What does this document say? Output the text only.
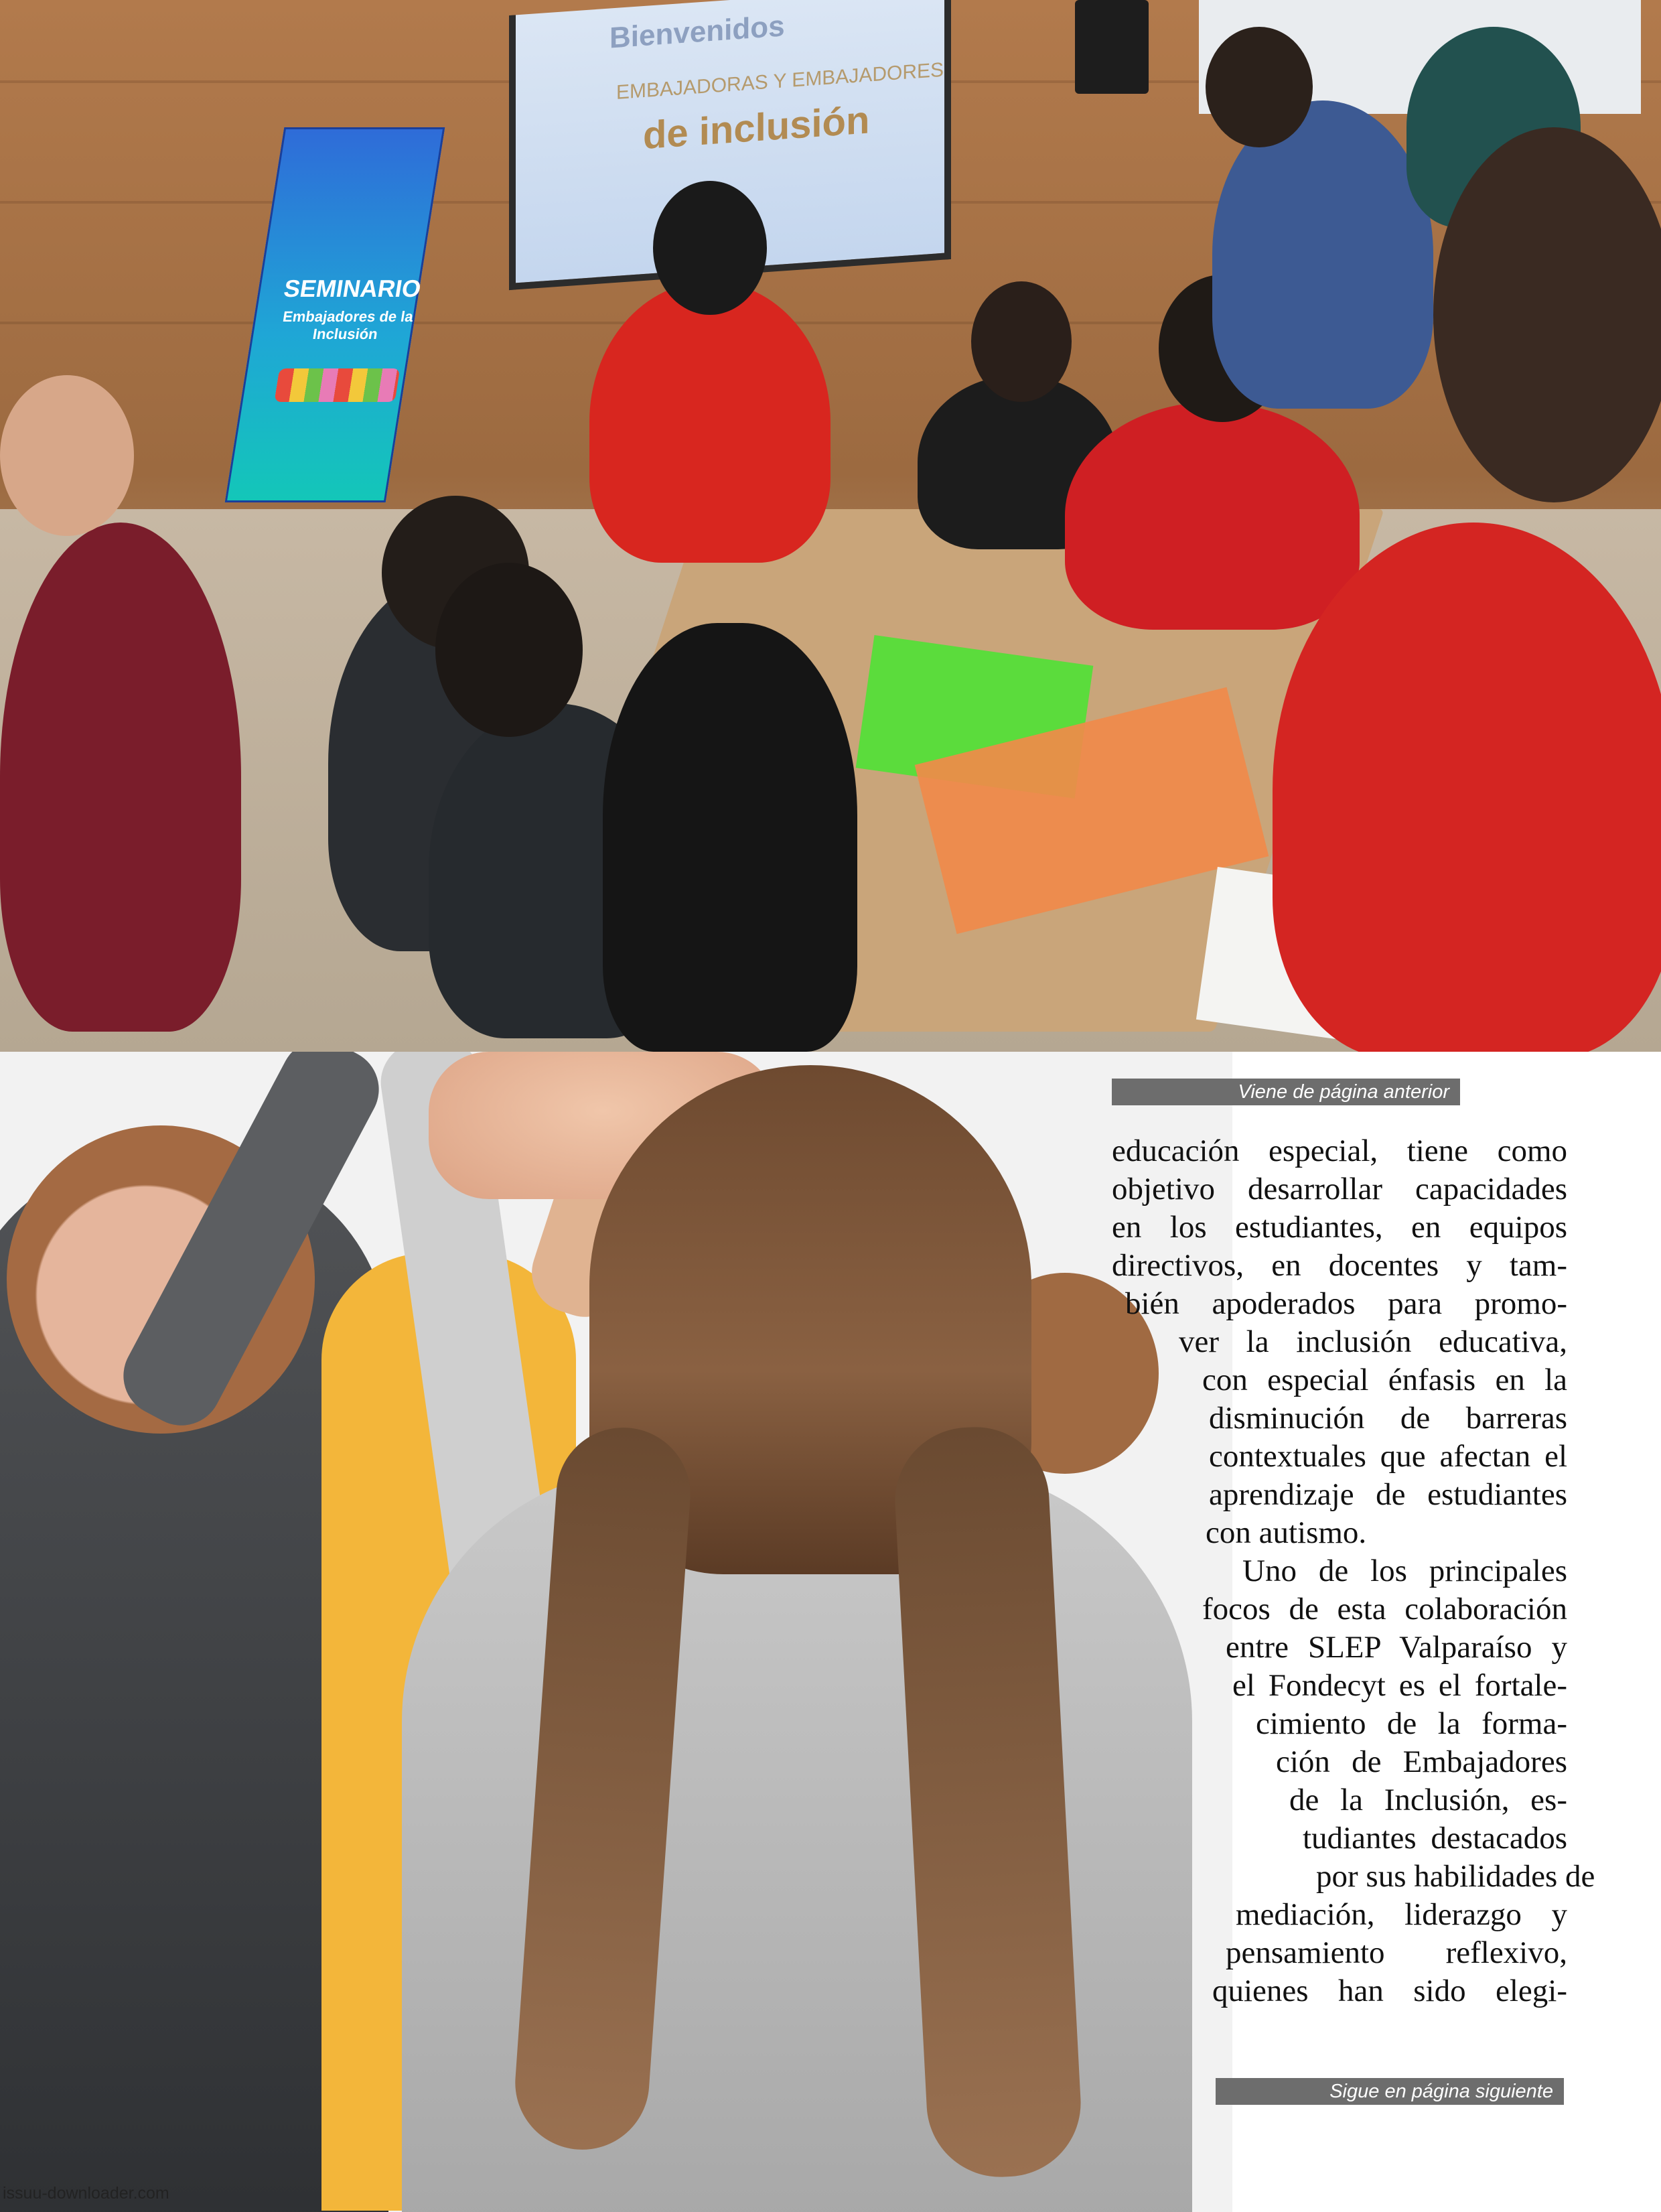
Bienvenidos
EMBAJADORAS Y EMBAJADORES
de inclusión
SEMINARIO
Embajadores de la Inclusión
Viene de página anterior
educación especial, tiene como
objetivo desarrollar capacidades
en los estudiantes, en equipos
directivos, en docentes y tam-
bién apoderados para promo-
ver la inclusión educativa,
con especial énfasis en la
disminución de barreras
contextuales que afectan el
aprendizaje de estudiantes
con autismo.
Uno de los principales
focos de esta colaboración
entre SLEP Valparaíso y
el Fondecyt es el fortale-
cimiento de la forma-
ción de Embajadores
de la Inclusión, es-
tudiantes destacados
por sus habilidades de
mediación, liderazgo y
pensamiento reflexivo,
quienes han sido elegi-
Sigue en página siguiente
issuu-downloader.com
